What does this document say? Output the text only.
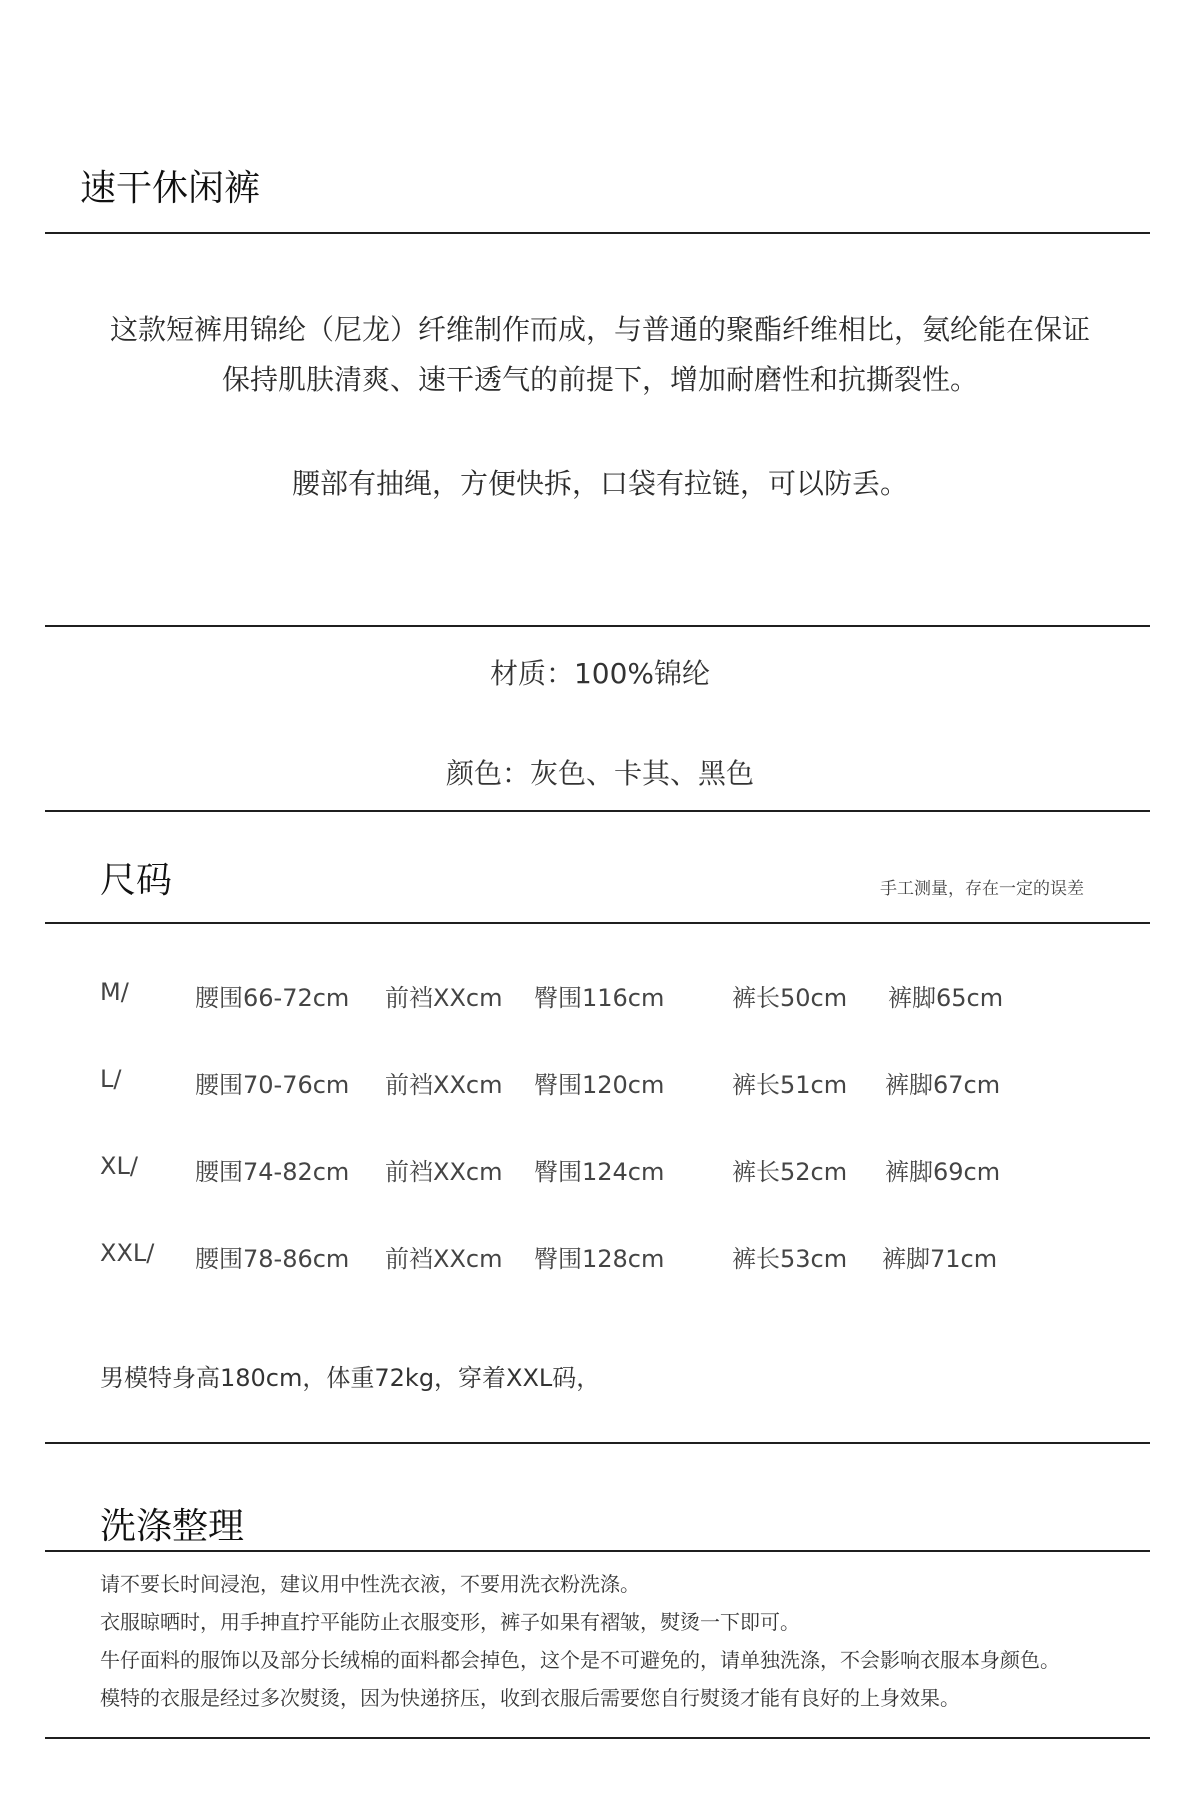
速干休闲裤
这款短裤用锦纶（尼龙）纤维制作而成，与普通的聚酯纤维相比，氨纶能在保证
保持肌肤清爽、速干透气的前提下，增加耐磨性和抗撕裂性。
腰部有抽绳，方便快拆，口袋有拉链，可以防丢。
材质：100%锦纶
颜色：灰色、卡其、黑色
尺码	手工测量，存在一定的误差
M/	腰围66-72cm 前裆XXcm 臀围116cm	裤长50cm 裤脚65cm
L/	腰围70-76cm 前裆XXcm 臀围120cm	裤长51cm 裤脚67cm
XL/ 腰围74-82cm 前裆XXcm 臀围124cm	裤长52cm 裤脚69cm
XXL/ 腰围78-86cm 前裆XXcm 臀围128cm	裤长53cm 裤脚71cm
男模特身高180cm，体重72kg，穿着XXL码，
洗涤整理
请不要长时间浸泡，建议用中性洗衣液，不要用洗衣粉洗涤。
衣服晾晒时，用手抻直拧平能防止衣服变形，裤子如果有褶皱，熨烫一下即可。
牛仔面料的服饰以及部分长绒棉的面料都会掉色，这个是不可避免的，请单独洗涤，不会影响衣服本身颜色。
模特的衣服是经过多次熨烫，因为快递挤压，收到衣服后需要您自行熨烫才能有良好的上身效果。
